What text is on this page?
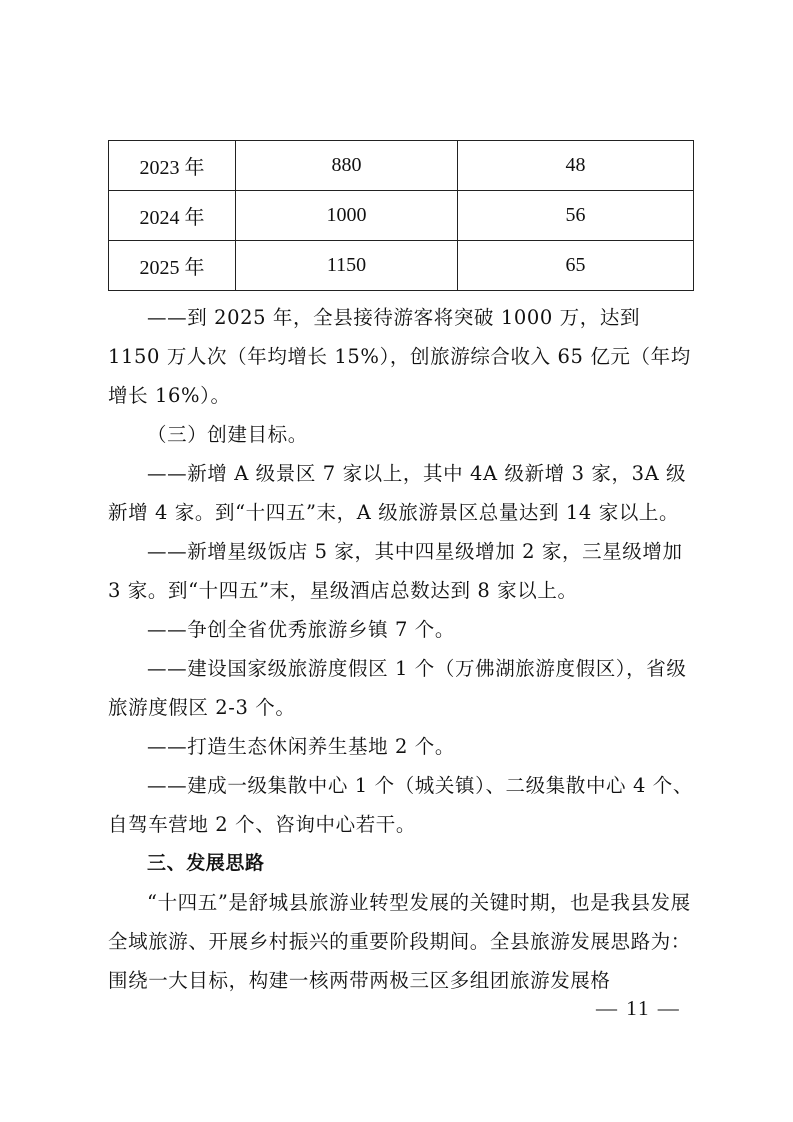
2023 年	880	48
2024 年	1000	56
2025 年	1150	65

——到 2025 年，全县接待游客将突破 1000 万，达到 1150 万人次（年均增长 15%），创旅游综合收入 65 亿元（年均增长 16%）。

（三）创建目标。

——新增 A 级景区 7 家以上，其中 4A 级新增 3 家，3A 级新增 4 家。到“十四五”末，A 级旅游景区总量达到 14 家以上。

——新增星级饭店 5 家，其中四星级增加 2 家，三星级增加 3 家。到“十四五”末，星级酒店总数达到 8 家以上。

——争创全省优秀旅游乡镇 7 个。

——建设国家级旅游度假区 1 个（万佛湖旅游度假区），省级旅游度假区 2-3 个。

——打造生态休闲养生基地 2 个。

——建成一级集散中心 1 个（城关镇）、二级集散中心 4 个、自驾车营地 2 个、咨询中心若干。

三、发展思路

“十四五”是舒城县旅游业转型发展的关键时期，也是我县发展全域旅游、开展乡村振兴的重要阶段期间。全县旅游发展思路为：围绕一大目标，构建一核两带两极三区多组团旅游发展格

— 11 —
